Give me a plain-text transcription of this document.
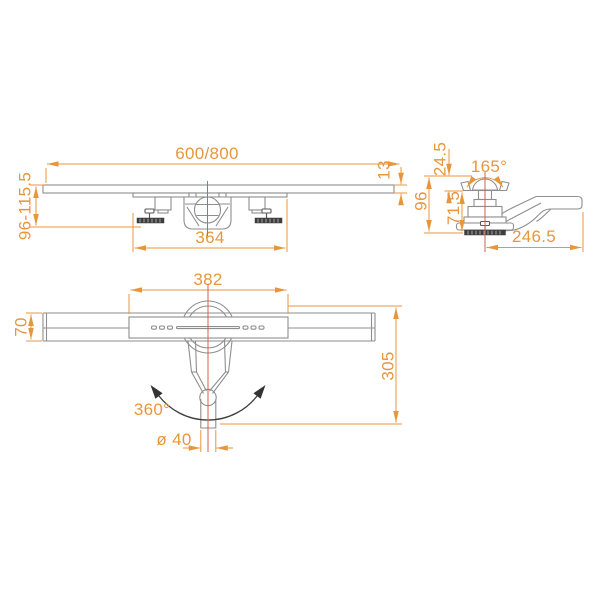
600/800
13
96-115.5	364
165°
24.5
96 71.5
246.5
382
70
305
360°
ø 40
